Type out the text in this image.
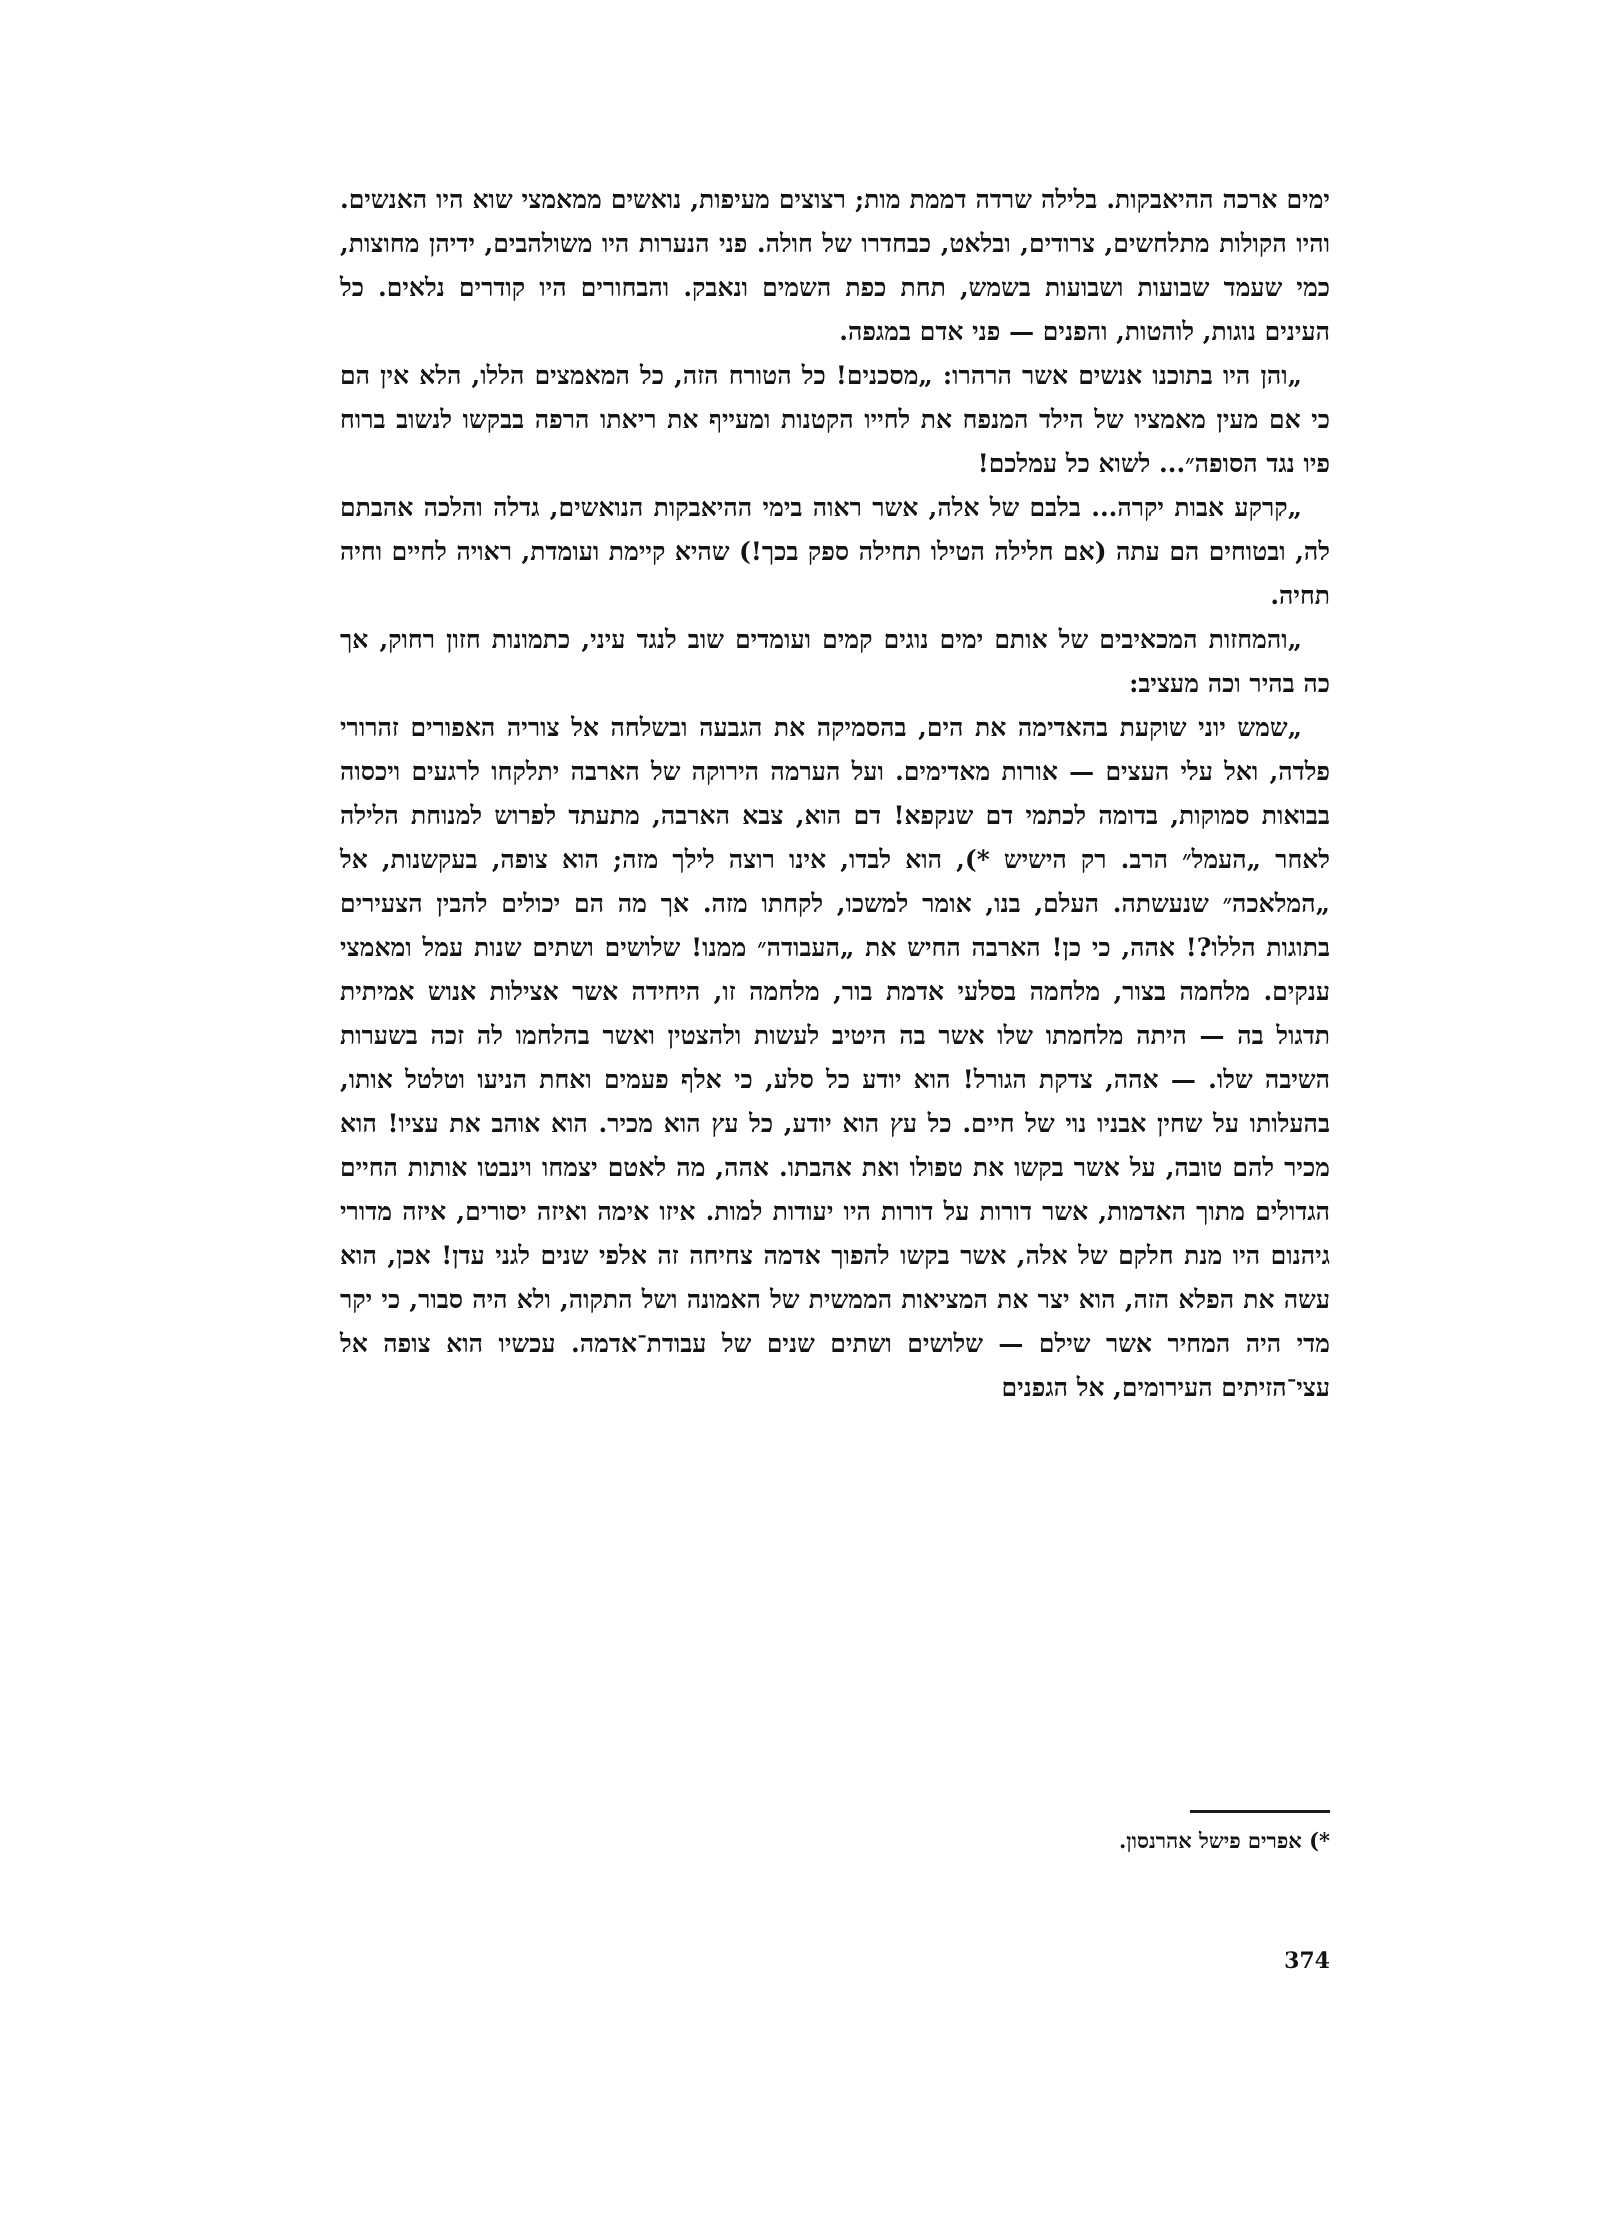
ימים ארכה ההיאבקות. בלילה שרדה דממת מות; רצוצים מעיפות, נואשים ממאמצי שוא היו האנשים. והיו הקולות מתלחשים, צרודים, ובלאט, כבחדרו של חולה. פני הנערות היו משולהבים, ידיהן מחוצות, כמי שעמד שבועות ושבועות בשמש, תחת כפת השמים ונאבק. והבחורים היו קודרים נלאים. כל העינים נוגות, לוהטות, והפנים — פני אדם במגפה.

„והן היו בתוכנו אנשים אשר הרהרו: „מסכנים! כל הטורח הזה, כל המאמצים הללו, הלא אין הם כי אם מעין מאמציו של הילד המנפח את לחייו הקטנות ומעייף את ריאתו הרפה בבקשו לנשוב ברוח פיו נגד הסופה״... לשוא כל עמלכם!

„קרקע אבות יקרה... בלבם של אלה, אשר ראוה בימי ההיאבקות הנואשים, גדלה והלכה אהבתם לה, ובטוחים הם עתה (אם חלילה הטילו תחילה ספק בכך!) שהיא קיימת ועומדת, ראויה לחיים וחיה תחיה.

„והמחזות המכאיבים של אותם ימים נוגים קמים ועומדים שוב לנגד עיני, כתמונות חזון רחוק, אך כה בהיר וכה מעציב:

„שמש יוני שוקעת בהאדימה את הים, בהסמיקה את הגבעה ובשלחה אל צוריה האפורים זהרורי פלדה, ואל עלי העצים — אורות מאדימים. ועל הערמה הירוקה של הארבה יתלקחו לרגעים ויכסוה בבואות סמוקות, בדומה לכתמי דם שנקפא! דם הוא, צבא הארבה, מתעתד לפרוש למנוחת הלילה לאחר „העמל״ הרב. רק הישיש *), הוא לבדו, אינו רוצה לילך מזה; הוא צופה, בעקשנות, אל „המלאכה״ שנעשתה. העלם, בנו, אומר למשכו, לקחתו מזה. אך מה הם יכולים להבין הצעירים בתוגות הללו?! אהה, כי כן! הארבה החיש את „העבודה״ ממנו! שלושים ושתים שנות עמל ומאמצי ענקים. מלחמה בצור, מלחמה בסלעי אדמת בור, מלחמה זו, היחידה אשר אצילות אנוש אמיתית תדגול בה — היתה מלחמתו שלו אשר בה היטיב לעשות ולהצטין ואשר בהלחמו לה זכה בשערות השיבה שלו. — אהה, צדקת הגורל! הוא יודע כל סלע, כי אלף פעמים ואחת הניעו וטלטל אותו, בהעלותו על שחין אבניו נוי של חיים. כל עץ הוא יודע, כל עץ הוא מכיר. הוא אוהב את עציו! הוא מכיר להם טובה, על אשר בקשו את טפולו ואת אהבתו. אהה, מה לאטם יצמחו וינבטו אותות החיים הגדולים מתוך האדמות, אשר דורות על דורות היו יעודות למות. איזו אימה ואיזה יסורים, איזה מדורי גיהנום היו מנת חלקם של אלה, אשר בקשו להפוך אדמה צחיחה זה אלפי שנים לגני עדן! אכן, הוא עשה את הפלא הזה, הוא יצר את המציאות הממשית של האמונה ושל התקוה, ולא היה סבור, כי יקר מדי היה המחיר אשר שילם — שלושים ושתים שנים של עבודת־אדמה. עכשיו הוא צופה אל עצי־הזיתים העירומים, אל הגפנים

*) אפרים פישל אהרנסון.
374
